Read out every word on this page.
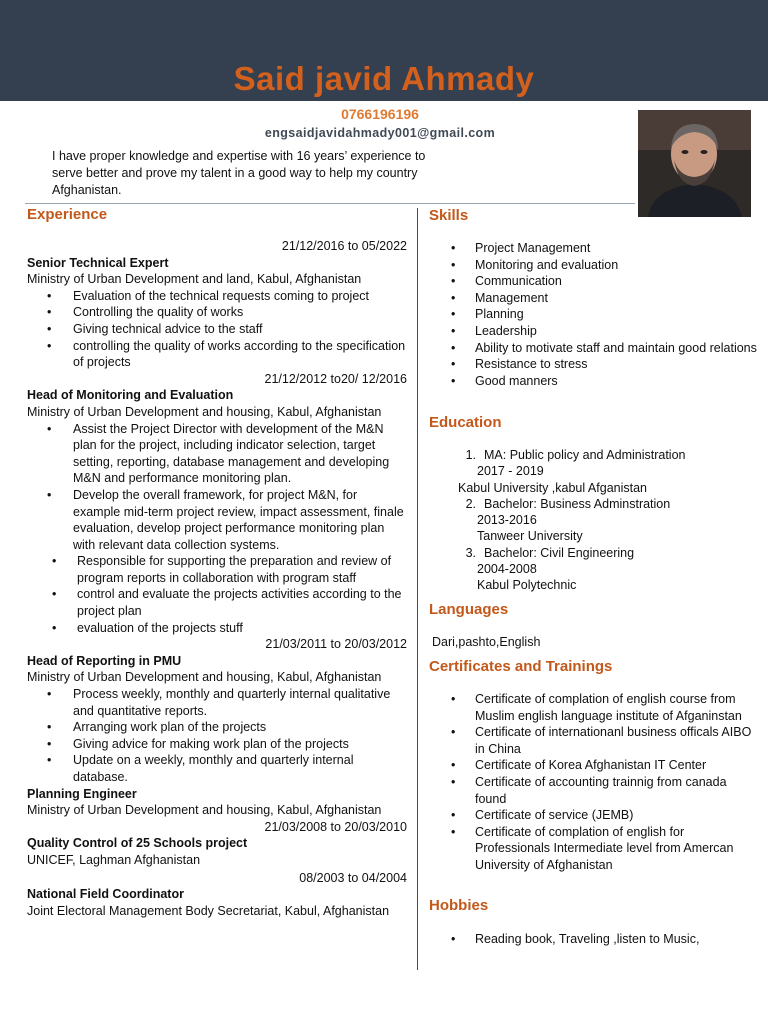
Said javid Ahmady
0766196196
engsaidjavidahmady001@gmail.com
I have proper knowledge and expertise with 16 years’ experience to serve better and prove my talent in a good way to help my country Afghanistan.
Experience
21/12/2016 to 05/2022
Senior Technical Expert
Ministry of Urban Development and land, Kabul, Afghanistan
• Evaluation of the technical requests coming to project
• Controlling the quality of works
• Giving technical advice to the staff
• controlling the quality of works according to the specification of projects
21/12/2012 to20/ 12/2016
Head of Monitoring and Evaluation
Ministry of Urban Development and housing, Kabul, Afghanistan
• Assist the Project Director with development of the M&N plan for the project, including indicator selection, target setting, reporting, database management and developing M&N and performance monitoring plan.
• Develop the overall framework, for project M&N, for example mid-term project review, impact assessment, finale evaluation, develop project performance monitoring plan with relevant data collection systems.
• Responsible for supporting the preparation and review of program reports in collaboration with program staff
• control and evaluate the projects activities according to the project plan
• evaluation of the projects stuff
21/03/2011 to 20/03/2012
Head of Reporting in PMU
Ministry of Urban Development and housing, Kabul, Afghanistan
• Process weekly, monthly and quarterly internal qualitative and quantitative reports.
• Arranging work plan of the projects
• Giving advice for making work plan of the projects
• Update on a weekly, monthly and quarterly internal database.
Planning Engineer
Ministry of Urban Development and housing, Kabul, Afghanistan
21/03/2008 to 20/03/2010
Quality Control of 25 Schools project
UNICEF, Laghman Afghanistan
08/2003 to 04/2004
National Field Coordinator
Joint Electoral Management Body Secretariat, Kabul, Afghanistan
Skills
• Project Management
• Monitoring and evaluation
• Communication
• Management
• Planning
• Leadership
• Ability to motivate staff and maintain good relations
• Resistance to stress
• Good manners
Education
1. MA: Public policy and Administration
2017 - 2019
Kabul University ,kabul Afganistan
2. Bachelor: Business Adminstration
2013-2016
Tanweer University
3. Bachelor: Civil Engineering
2004-2008
Kabul Polytechnic
Languages
Dari,pashto,English
Certificates and Trainings
• Certificate of complation of english course from Muslim english language institute of Afganinstan
• Certificate of internationanl business officals AIBO in China
• Certificate of Korea Afghanistan IT Center
• Certificate of accounting trainnig from canada found
• Certificate of service (JEMB)
• Certificate of complation of english for Professionals Intermediate level from Amercan University of Afghanistan
Hobbies
• Reading book, Traveling ,listen to Music,
